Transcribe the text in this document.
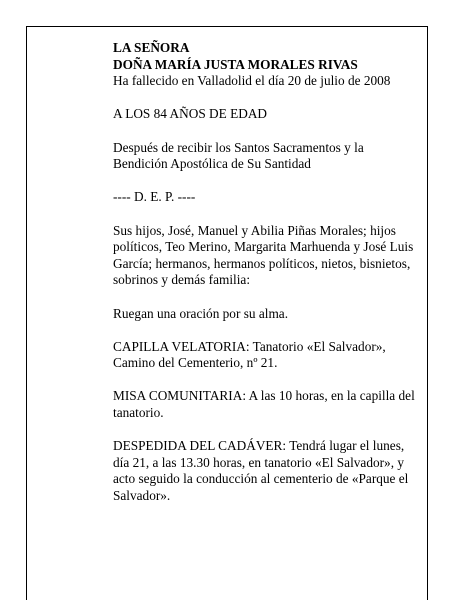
LA SEÑORA

DOÑA MARÍA JUSTA MORALES RIVAS

Ha fallecido en Valladolid el día 20 de julio de 2008

A LOS 84 AÑOS DE EDAD

Después de recibir los Santos Sacramentos y la Bendición Apostólica de Su Santidad

---- D. E. P. ----

Sus hijos, José, Manuel y Abilia Piñas Morales; hijos políticos, Teo Merino, Margarita Marhuenda y José Luis García; hermanos, hermanos políticos, nietos, bisnietos, sobrinos y demás familia:

Ruegan una oración por su alma.

CAPILLA VELATORIA: Tanatorio «El Salvador», Camino del Cementerio, nº 21.

MISA COMUNITARIA: A las 10 horas, en la capilla del tanatorio.

DESPEDIDA DEL CADÁVER: Tendrá lugar el lunes, día 21, a las 13.30 horas, en tanatorio «El Salvador», y acto seguido la conducción al cementerio de «Parque el Salvador».
